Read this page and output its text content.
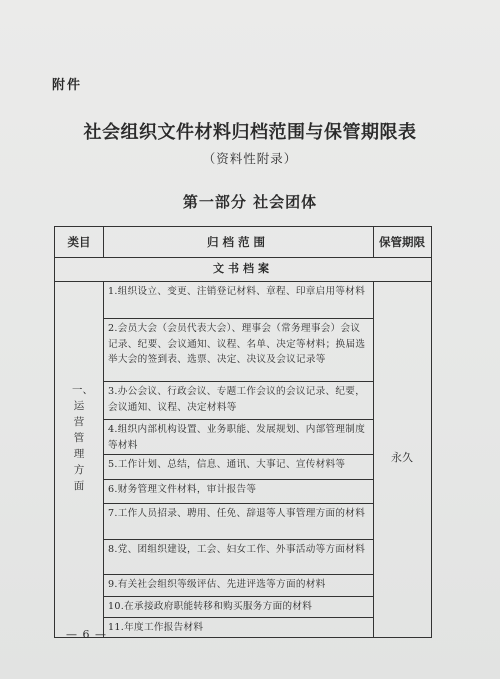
附件
社会组织文件材料归档范围与保管期限表
（资料性附录）
第一部分 社会团体
类目	归档范围	保管期限
文书档案
一、运营管理方面
永久
1.组织设立、变更、注销登记材料、章程、印章启用等材料
2.会员大会（会员代表大会）、理事会（常务理事会）会议记录、纪要、会议通知、议程、名单、决定等材料；换届选举大会的签到表、选票、决定、决议及会议记录等
3.办公会议、行政会议、专题工作会议的会议记录、纪要，会议通知、议程、决定材料等
4.组织内部机构设置、业务职能、发展规划、内部管理制度等材料
5.工作计划、总结，信息、通讯、大事记、宣传材料等
6.财务管理文件材料，审计报告等
7.工作人员招录、聘用、任免、辞退等人事管理方面的材料
8.党、团组织建设，工会、妇女工作、外事活动等方面材料
9.有关社会组织等级评估、先进评选等方面的材料
10.在承接政府职能转移和购买服务方面的材料
11.年度工作报告材料
— 6 —
